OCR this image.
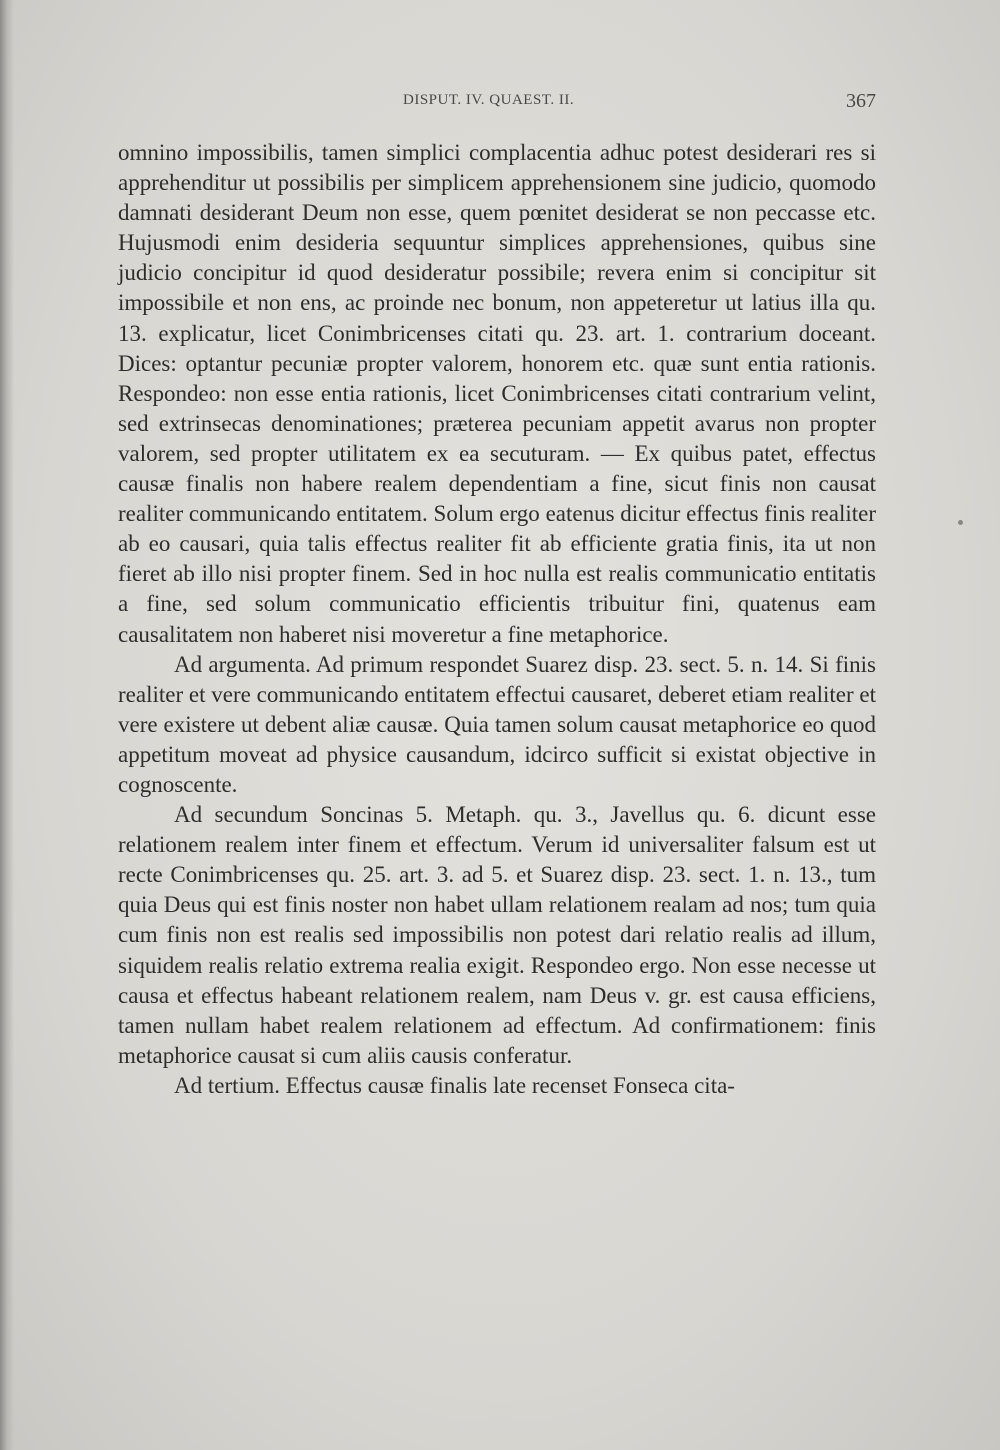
DISPUT. IV. QUAEST. II.	367

omnino impossibilis, tamen simplici complacentia adhuc potest desiderari res si apprehenditur ut possibilis per simplicem apprehensionem sine judicio, quomodo damnati desiderant Deum non esse, quem pœnitet desiderat se non peccasse etc. Hujusmodi enim desideria sequuntur simplices apprehensiones, quibus sine judicio concipitur id quod desideratur possibile; revera enim si concipitur sit impossibile et non ens, ac proinde nec bonum, non appeteretur ut latius illa qu. 13. explicatur, licet Conimbricenses citati qu. 23. art. 1. contrarium doceant. Dices: optantur pecuniæ propter valorem, honorem etc. quæ sunt entia rationis. Respondeo: non esse entia rationis, licet Conimbricenses citati contrarium velint, sed extrinsecas denominationes; præterea pecuniam appetit avarus non propter valorem, sed propter utilitatem ex ea secuturam. — Ex quibus patet, effectus causæ finalis non habere realem dependentiam a fine, sicut finis non causat realiter communicando entitatem. Solum ergo eatenus dicitur effectus finis realiter ab eo causari, quia talis effectus realiter fit ab efficiente gratia finis, ita ut non fieret ab illo nisi propter finem. Sed in hoc nulla est realis communicatio entitatis a fine, sed solum communicatio efficientis tribuitur fini, quatenus eam causalitatem non haberet nisi moveretur a fine metaphorice.

Ad argumenta. Ad primum respondet Suarez disp. 23. sect. 5. n. 14. Si finis realiter et vere communicando entitatem effectui causaret, deberet etiam realiter et vere existere ut debent aliæ causæ. Quia tamen solum causat metaphorice eo quod appetitum moveat ad physice causandum, idcirco sufficit si existat objective in cognoscente.

Ad secundum Soncinas 5. Metaph. qu. 3., Javellus qu. 6. dicunt esse relationem realem inter finem et effectum. Verum id universaliter falsum est ut recte Conimbricenses qu. 25. art. 3. ad 5. et Suarez disp. 23. sect. 1. n. 13., tum quia Deus qui est finis noster non habet ullam relationem realam ad nos; tum quia cum finis non est realis sed impossibilis non potest dari relatio realis ad illum, siquidem realis relatio extrema realia exigit. Respondeo ergo. Non esse necesse ut causa et effectus habeant relationem realem, nam Deus v. gr. est causa efficiens, tamen nullam habet realem relationem ad effectum. Ad confirmationem: finis metaphorice causat si cum aliis causis conferatur.

Ad tertium. Effectus causæ finalis late recenset Fonseca cita-
